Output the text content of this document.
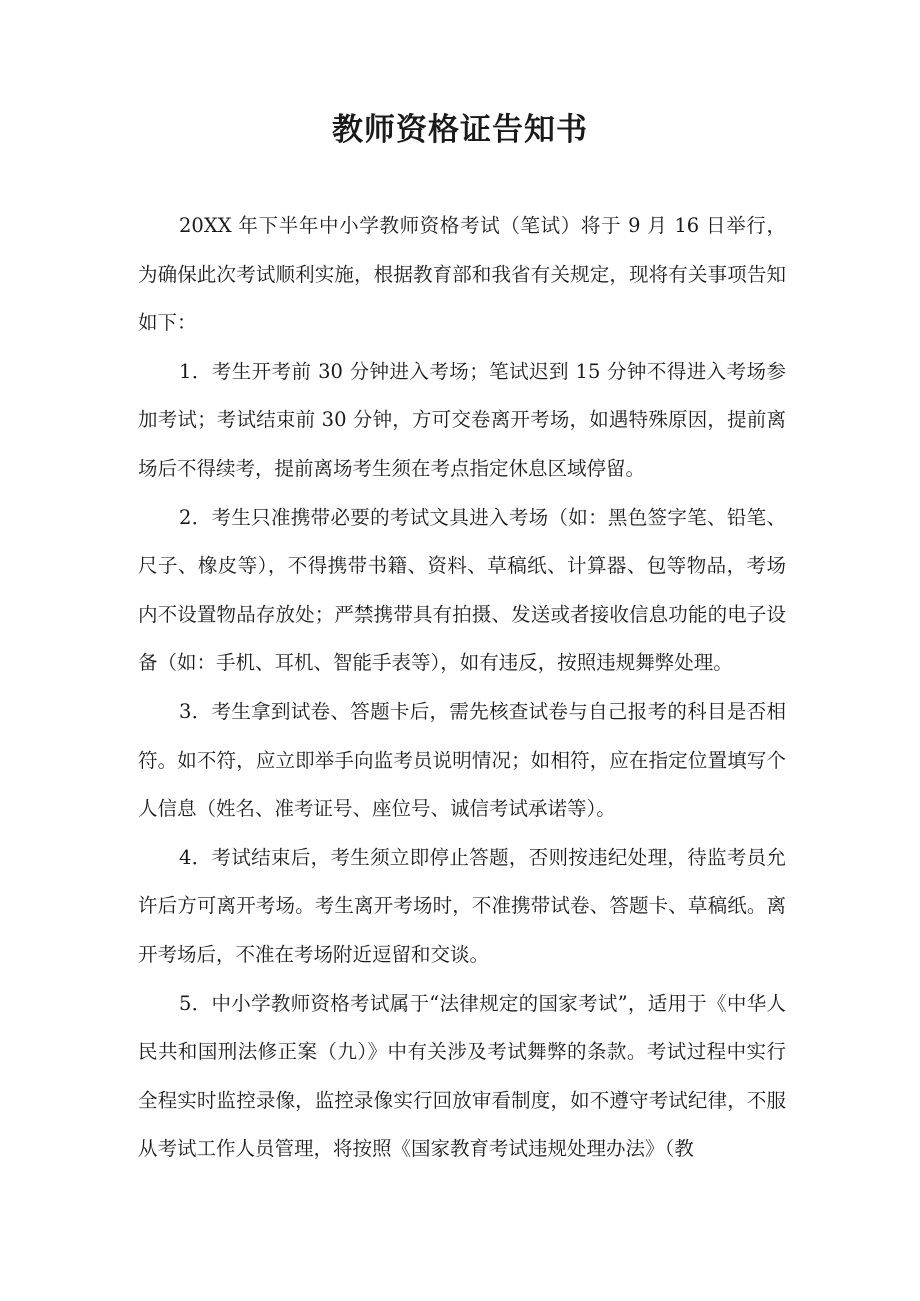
教师资格证告知书

20XX 年下半年中小学教师资格考试（笔试）将于 9 月 16 日举行，为确保此次考试顺利实施，根据教育部和我省有关规定，现将有关事项告知如下：

1．考生开考前 30 分钟进入考场；笔试迟到 15 分钟不得进入考场参加考试；考试结束前 30 分钟，方可交卷离开考场，如遇特殊原因，提前离场后不得续考，提前离场考生须在考点指定休息区域停留。

2．考生只准携带必要的考试文具进入考场（如：黑色签字笔、铅笔、尺子、橡皮等），不得携带书籍、资料、草稿纸、计算器、包等物品，考场内不设置物品存放处；严禁携带具有拍摄、发送或者接收信息功能的电子设备（如：手机、耳机、智能手表等），如有违反，按照违规舞弊处理。

3．考生拿到试卷、答题卡后，需先核查试卷与自己报考的科目是否相符。如不符，应立即举手向监考员说明情况；如相符，应在指定位置填写个人信息（姓名、准考证号、座位号、诚信考试承诺等）。

4．考试结束后，考生须立即停止答题，否则按违纪处理，待监考员允许后方可离开考场。考生离开考场时，不准携带试卷、答题卡、草稿纸。离开考场后，不准在考场附近逗留和交谈。

5．中小学教师资格考试属于“法律规定的国家考试”，适用于《中华人民共和国刑法修正案（九）》中有关涉及考试舞弊的条款。考试过程中实行全程实时监控录像，监控录像实行回放审看制度，如不遵守考试纪律，不服从考试工作人员管理，将按照《国家教育考试违规处理办法》（教
